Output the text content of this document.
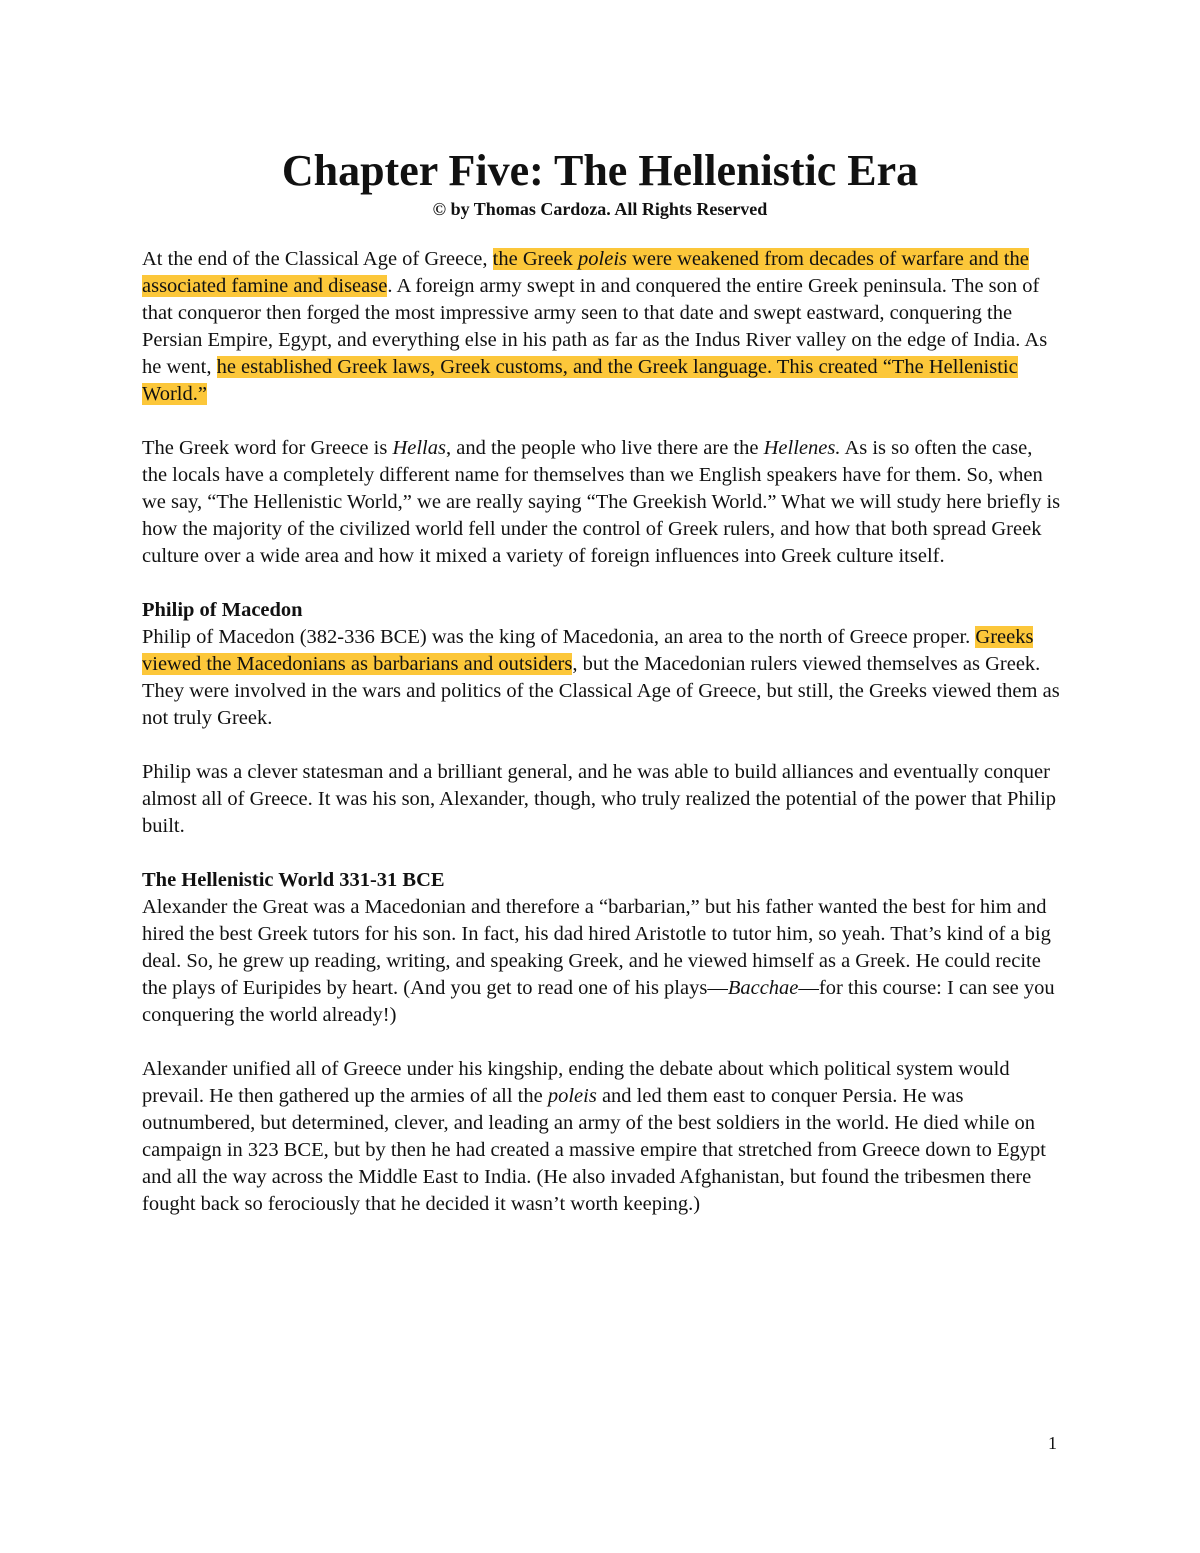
Chapter Five: The Hellenistic Era
© by Thomas Cardoza. All Rights Reserved

At the end of the Classical Age of Greece, the Greek poleis were weakened from decades of warfare and the associated famine and disease. A foreign army swept in and conquered the entire Greek peninsula. The son of that conqueror then forged the most impressive army seen to that date and swept eastward, conquering the Persian Empire, Egypt, and everything else in his path as far as the Indus River valley on the edge of India. As he went, he established Greek laws, Greek customs, and the Greek language. This created “The Hellenistic World.”

The Greek word for Greece is Hellas, and the people who live there are the Hellenes. As is so often the case, the locals have a completely different name for themselves than we English speakers have for them. So, when we say, “The Hellenistic World,” we are really saying “The Greekish World.” What we will study here briefly is how the majority of the civilized world fell under the control of Greek rulers, and how that both spread Greek culture over a wide area and how it mixed a variety of foreign influences into Greek culture itself.

Philip of Macedon

Philip of Macedon (382-336 BCE) was the king of Macedonia, an area to the north of Greece proper. Greeks viewed the Macedonians as barbarians and outsiders, but the Macedonian rulers viewed themselves as Greek. They were involved in the wars and politics of the Classical Age of Greece, but still, the Greeks viewed them as not truly Greek.

Philip was a clever statesman and a brilliant general, and he was able to build alliances and eventually conquer almost all of Greece. It was his son, Alexander, though, who truly realized the potential of the power that Philip built.

The Hellenistic World 331-31 BCE

Alexander the Great was a Macedonian and therefore a “barbarian,” but his father wanted the best for him and hired the best Greek tutors for his son. In fact, his dad hired Aristotle to tutor him, so yeah. That’s kind of a big deal. So, he grew up reading, writing, and speaking Greek, and he viewed himself as a Greek. He could recite the plays of Euripides by heart. (And you get to read one of his plays—Bacchae—for this course: I can see you conquering the world already!)

Alexander unified all of Greece under his kingship, ending the debate about which political system would prevail. He then gathered up the armies of all the poleis and led them east to conquer Persia. He was outnumbered, but determined, clever, and leading an army of the best soldiers in the world. He died while on campaign in 323 BCE, but by then he had created a massive empire that stretched from Greece down to Egypt and all the way across the Middle East to India. (He also invaded Afghanistan, but found the tribesmen there fought back so ferociously that he decided it wasn’t worth keeping.)

1
